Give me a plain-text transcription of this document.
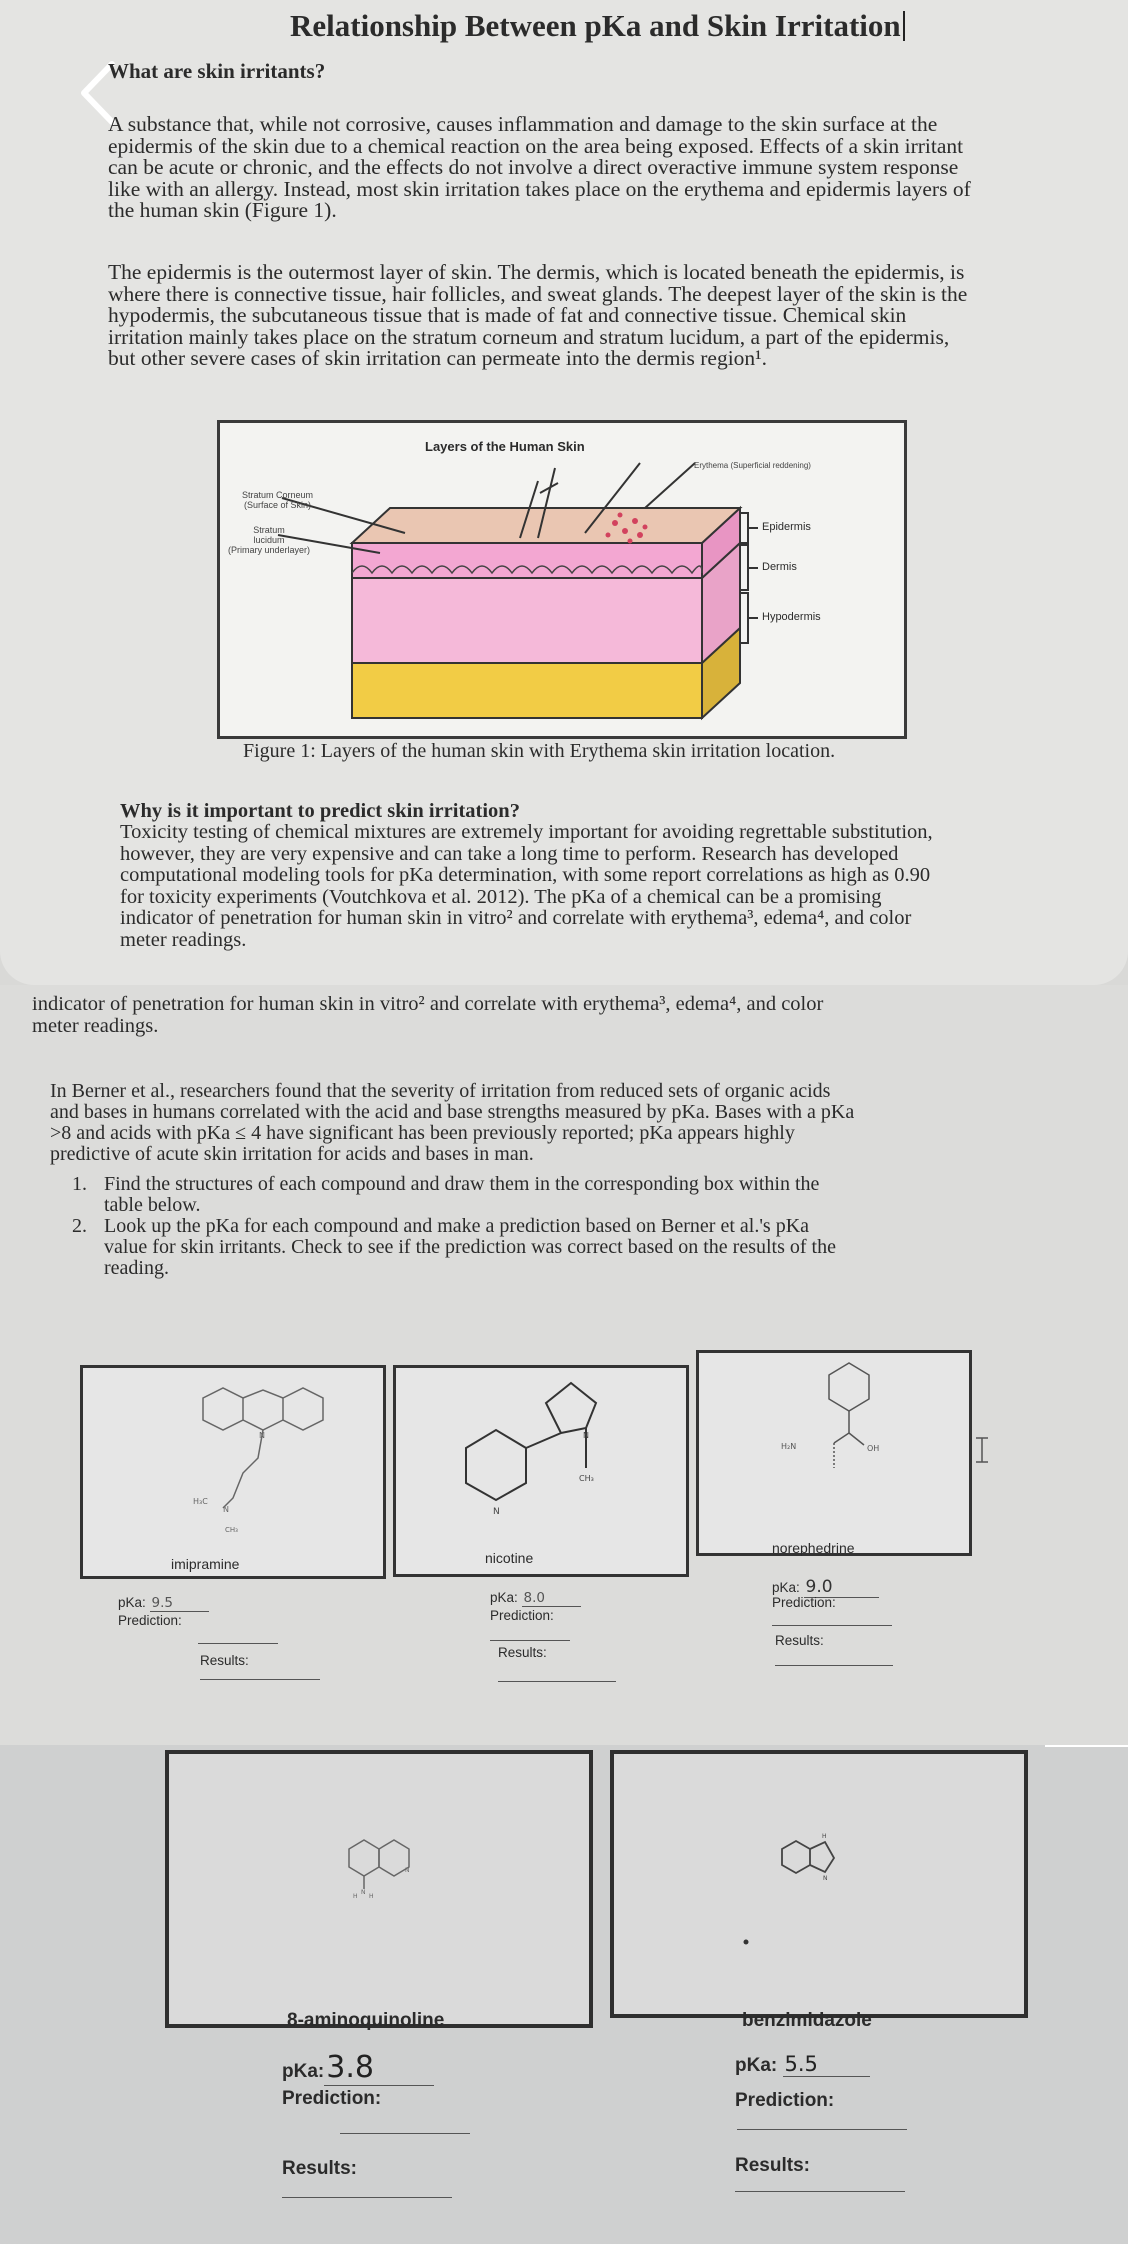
Relationship Between pKa and Skin Irritation
What are skin irritants?
A substance that, while not corrosive, causes inflammation and damage to the skin surface at the
epidermis of the skin due to a chemical reaction on the area being exposed. Effects of a skin irritant
can be acute or chronic, and the effects do not involve a direct overactive immune system response
like with an allergy. Instead, most skin irritation takes place on the erythema and epidermis layers of
the human skin (Figure 1).
The epidermis is the outermost layer of skin. The dermis, which is located beneath the epidermis, is
where there is connective tissue, hair follicles, and sweat glands. The deepest layer of the skin is the
hypodermis, the subcutaneous tissue that is made of fat and connective tissue. Chemical skin
irritation mainly takes place on the stratum corneum and stratum lucidum, a part of the epidermis,
but other severe cases of skin irritation can permeate into the dermis region¹.
Layers of the Human Skin
Stratum Corneum
(Surface of Skin)
Stratum
lucidum
(Primary underlayer)
Erythema (Superficial reddening)
Epidermis
Dermis
Hypodermis
Figure 1: Layers of the human skin with Erythema skin irritation location.
Why is it important to predict skin irritation?
Toxicity testing of chemical mixtures are extremely important for avoiding regrettable substitution,
however, they are very expensive and can take a long time to perform. Research has developed
computational modeling tools for pKa determination, with some report correlations as high as 0.90
for toxicity experiments (Voutchkova et al. 2012). The pKa of a chemical can be a promising
indicator of penetration for human skin in vitro² and correlate with erythema³, edema⁴, and color
meter readings.
indicator of penetration for human skin in vitro² and correlate with erythema³, edema⁴, and color
meter readings.
In Berner et al., researchers found that the severity of irritation from reduced sets of organic acids
and bases in humans correlated with the acid and base strengths measured by pKa. Bases with a pKa
>8 and acids with pKa ≤ 4 have significant has been previously reported; pKa appears highly
predictive of acute skin irritation for acids and bases in man.
1. Find the structures of each compound and draw them in the corresponding box within the
table below.
2. Look up the pKa for each compound and make a prediction based on Berner et al.'s pKa
value for skin irritants. Check to see if the prediction was correct based on the results of the
reading.
N
H₃C
N
CH₃
imipramine
pKa: 9.5
Prediction:
Results:
N
N
CH₃
nicotine
pKa: 8.0
Prediction:
Results:
H₂N	OH
norephedrine
pKa: 9.0
Prediction:
Results:
H
N
H
N
8-aminoquinoline
pKa:3.8
Prediction:
Results:
H
N
benzimidazole
pKa: 5.5
Prediction:
Results:
